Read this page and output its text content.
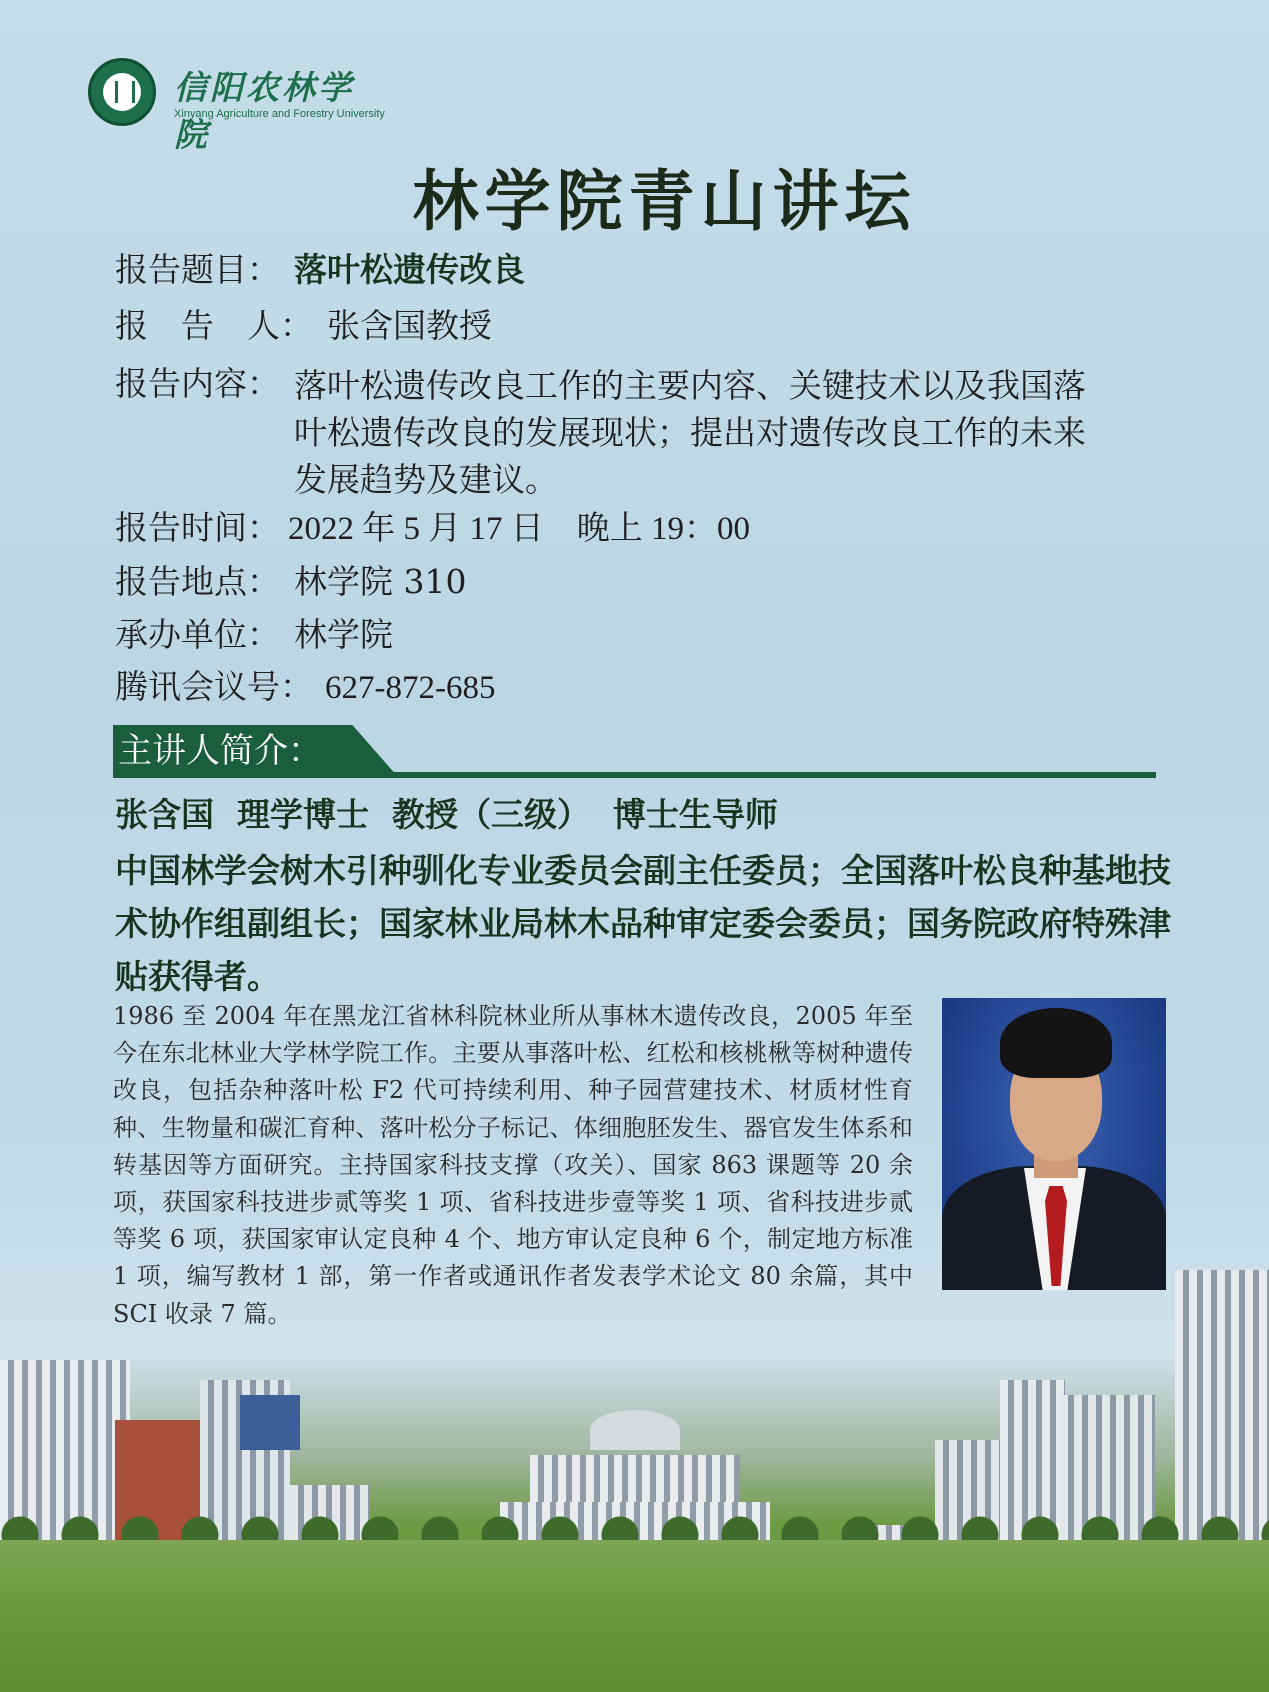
1910
信阳农林学院
Xinyang Agriculture and Forestry University
林学院青山讲坛
报告题目： 落叶松遗传改良
报　告　人： 张含国教授
报告内容： 落叶松遗传改良工作的主要内容、关键技术以及我国落叶松遗传改良的发展现状；提出对遗传改良工作的未来发展趋势及建议。
报告时间： 2022 年 5 月 17 日　晚上 19：00
报告地点： 林学院 310
承办单位： 林学院
腾讯会议号： 627-872-685
主讲人简介：
张含国  理学博士  教授（三级）  博士生导师
中国林学会树木引种驯化专业委员会副主任委员；全国落叶松良种基地技术协作组副组长；国家林业局林木品种审定委会委员；国务院政府特殊津贴获得者。
1986 至 2004 年在黑龙江省林科院林业所从事林木遗传改良，2005 年至今在东北林业大学林学院工作。主要从事落叶松、红松和核桃楸等树种遗传改良，包括杂种落叶松 F2 代可持续利用、种子园营建技术、材质材性育种、生物量和碳汇育种、落叶松分子标记、体细胞胚发生、器官发生体系和转基因等方面研究。主持国家科技支撑（攻关）、国家 863 课题等 20 余项，获国家科技进步贰等奖 1 项、省科技进步壹等奖 1 项、省科技进步贰等奖 6 项，获国家审认定良种 4 个、地方审认定良种 6 个，制定地方标准 1 项，编写教材 1 部，第一作者或通讯作者发表学术论文 80 余篇，其中 SCI 收录 7 篇。
